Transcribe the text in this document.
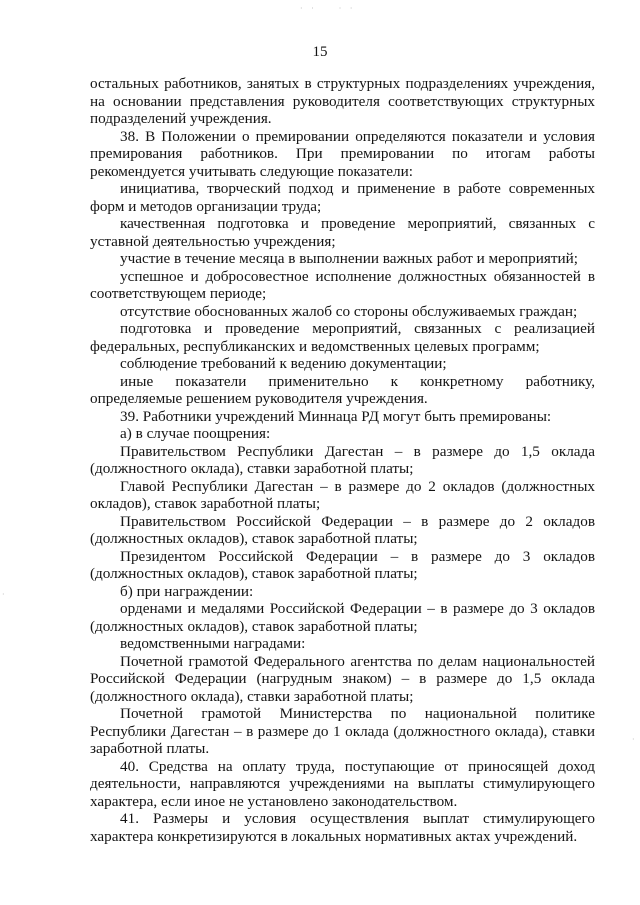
· ·    · ·
·
·
15

остальных работников, занятых в структурных подразделениях учреждения, на основании представления руководителя соответствующих структурных подразделений учреждения.

38. В Положении о премировании определяются показатели и условия премирования работников. При премировании по итогам работы рекомендуется учитывать следующие показатели:

инициатива, творческий подход и применение в работе современных форм и методов организации труда;

качественная подготовка и проведение мероприятий, связанных с уставной деятельностью учреждения;

участие в течение месяца в выполнении важных работ и мероприятий;

успешное и добросовестное исполнение должностных обязанностей в соответствующем периоде;

отсутствие обоснованных жалоб со стороны обслуживаемых граждан;

подготовка и проведение мероприятий, связанных с реализацией федеральных, республиканских и ведомственных целевых программ;

соблюдение требований к ведению документации;

иные показатели применительно к конкретному работнику, определяемые решением руководителя учреждения.

39. Работники учреждений Миннаца РД могут быть премированы:

а) в случае поощрения:

Правительством Республики Дагестан – в размере до 1,5 оклада (должностного оклада), ставки заработной платы;

Главой Республики Дагестан – в размере до 2 окладов (должностных окладов), ставок заработной платы;

Правительством Российской Федерации – в размере до 2 окладов (должностных окладов), ставок заработной платы;

Президентом Российской Федерации – в размере до 3 окладов (должностных окладов), ставок заработной платы;

б) при награждении:

орденами и медалями Российской Федерации – в размере до 3 окладов (должностных окладов), ставок заработной платы;

ведомственными наградами:

Почетной грамотой Федерального агентства по делам национальностей Российской Федерации (нагрудным знаком) – в размере до 1,5 оклада (должностного оклада), ставки заработной платы;

Почетной грамотой Министерства по национальной политике Республики Дагестан – в размере до 1 оклада (должностного оклада), ставки заработной платы.

40. Средства на оплату труда, поступающие от приносящей доход деятельности, направляются учреждениями на выплаты стимулирующего характера, если иное не установлено законодательством.

41. Размеры и условия осуществления выплат стимулирующего характера конкретизируются в локальных нормативных актах учреждений.
